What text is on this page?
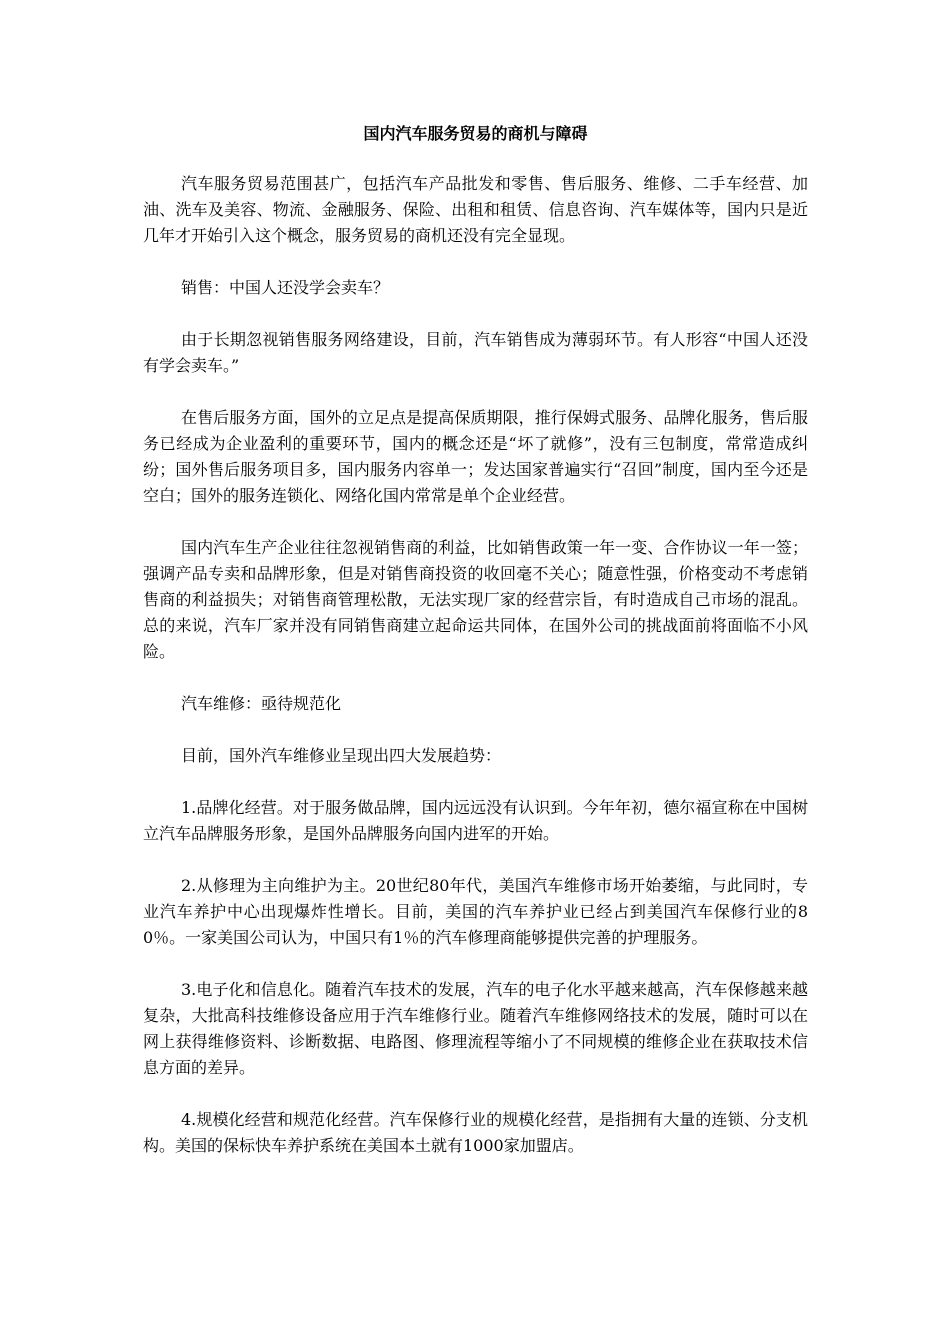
国内汽车服务贸易的商机与障碍

汽车服务贸易范围甚广，包括汽车产品批发和零售、售后服务、维修、二手车经营、加油、洗车及美容、物流、金融服务、保险、出租和租赁、信息咨询、汽车媒体等，国内只是近几年才开始引入这个概念，服务贸易的商机还没有完全显现。

销售：中国人还没学会卖车？

由于长期忽视销售服务网络建设，目前，汽车销售成为薄弱环节。有人形容“中国人还没有学会卖车。”

在售后服务方面，国外的立足点是提高保质期限，推行保姆式服务、品牌化服务，售后服务已经成为企业盈利的重要环节，国内的概念还是“坏了就修”，没有三包制度，常常造成纠纷；国外售后服务项目多，国内服务内容单一；发达国家普遍实行“召回”制度，国内至今还是空白；国外的服务连锁化、网络化国内常常是单个企业经营。

国内汽车生产企业往往忽视销售商的利益，比如销售政策一年一变、合作协议一年一签；强调产品专卖和品牌形象，但是对销售商投资的收回毫不关心；随意性强，价格变动不考虑销售商的利益损失；对销售商管理松散，无法实现厂家的经营宗旨，有时造成自己市场的混乱。总的来说，汽车厂家并没有同销售商建立起命运共同体，在国外公司的挑战面前将面临不小风险。

汽车维修：亟待规范化

目前，国外汽车维修业呈现出四大发展趋势：

1.品牌化经营。对于服务做品牌，国内远远没有认识到。今年年初，德尔福宣称在中国树立汽车品牌服务形象，是国外品牌服务向国内进军的开始。

2.从修理为主向维护为主。20世纪80年代，美国汽车维修市场开始萎缩，与此同时，专业汽车养护中心出现爆炸性增长。目前，美国的汽车养护业已经占到美国汽车保修行业的80％。一家美国公司认为，中国只有1％的汽车修理商能够提供完善的护理服务。

3.电子化和信息化。随着汽车技术的发展，汽车的电子化水平越来越高，汽车保修越来越复杂，大批高科技维修设备应用于汽车维修行业。随着汽车维修网络技术的发展，随时可以在网上获得维修资料、诊断数据、电路图、修理流程等缩小了不同规模的维修企业在获取技术信息方面的差异。

4.规模化经营和规范化经营。汽车保修行业的规模化经营，是指拥有大量的连锁、分支机构。美国的保标快车养护系统在美国本土就有1000家加盟店。
